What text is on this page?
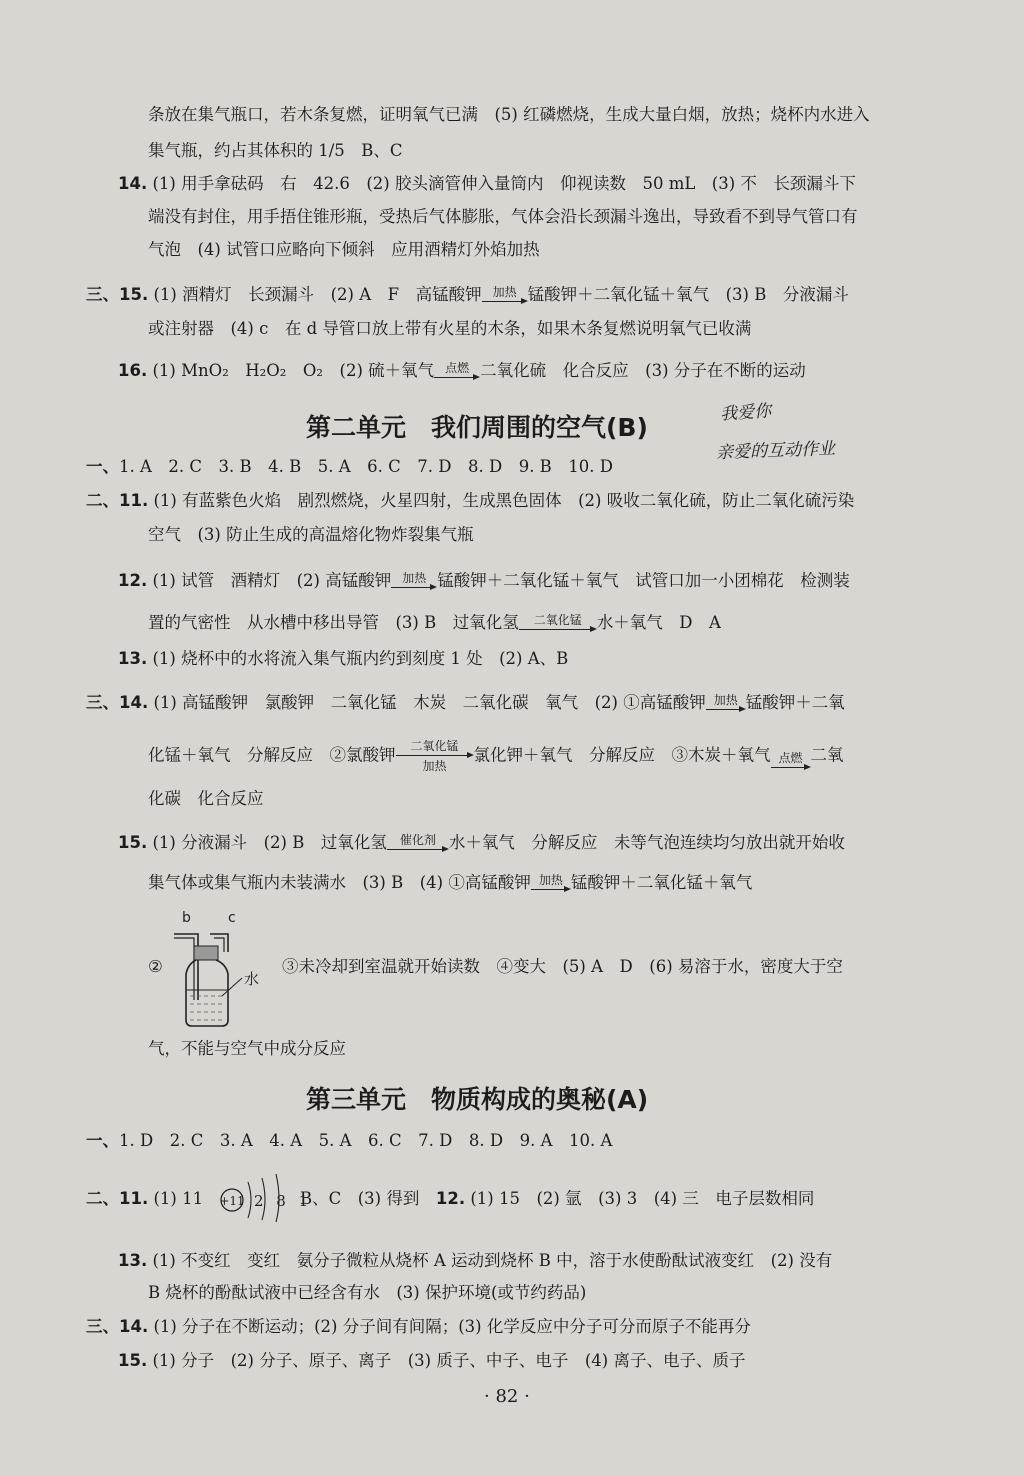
条放在集气瓶口，若木条复燃，证明氧气已满　(5) 红磷燃烧，生成大量白烟，放热；烧杯内水进入
集气瓶，约占其体积的 1/5　B、C
14. (1) 用手拿砝码　右　42.6　(2) 胶头滴管伸入量筒内　仰视读数　50 mL　(3) 不　长颈漏斗下
端没有封住，用手捂住锥形瓶，受热后气体膨胀，气体会沿长颈漏斗逸出，导致看不到导气管口有
气泡　(4) 试管口应略向下倾斜　应用酒精灯外焰加热
三、15. (1) 酒精灯　长颈漏斗　(2) A　F　高锰酸钾 加热 锰酸钾＋二氧化锰＋氧气　(3) B　分液漏斗
或注射器　(4) c　在 d 导管口放上带有火星的木条，如果木条复燃说明氧气已收满
16. (1) MnO₂　H₂O₂　O₂　(2) 硫＋氧气 点燃 二氧化硫　化合反应　(3) 分子在不断的运动
第二单元　我们周围的空气(B)
我爱你
亲爱的互动作业
一、1. A　2. C　3. B　4. B　5. A　6. C　7. D　8. D　9. B　10. D
二、11. (1) 有蓝紫色火焰　剧烈燃烧，火星四射，生成黑色固体　(2) 吸收二氧化硫，防止二氧化硫污染
空气　(3) 防止生成的高温熔化物炸裂集气瓶
12. (1) 试管　酒精灯　(2) 高锰酸钾 加热 锰酸钾＋二氧化锰＋氧气　试管口加一小团棉花　检测装
置的气密性　从水槽中移出导管　(3) B　过氧化氢	二氧化锰 水＋氧气　D　A
13. (1) 烧杯中的水将流入集气瓶内约到刻度 1 处　(2) A、B
三、14. (1) 高锰酸钾　氯酸钾　二氧化锰　木炭　二氧化碳　氧气　(2) ①高锰酸钾 加热 锰酸钾＋二氧
化锰＋氧气　分解反应　②氯酸钾	二氧化锰
加热
氯化钾＋氧气　分解反应　③木炭＋氧气 点燃 二氧
化碳　化合反应
15. (1) 分液漏斗　(2) B　过氧化氢	催化剂 水＋氧气　分解反应　未等气泡连续均匀放出就开始收
集气体或集气瓶内未装满水　(3) B　(4) ①高锰酸钾 加热 锰酸钾＋二氧化锰＋氧气
②
b	c
水
③未冷却到室温就开始读数　④变大　(5) A　D　(6) 易溶于水，密度大于空
气，不能与空气中成分反应
第三单元　物质构成的奥秘(A)
一、1. D　2. C　3. A　4. A　5. A　6. C　7. D　8. D　9. A　10. A
二、11. (1) 11 +11 2 8 1
B、C　(3) 得到　 12. (1) 15　(2) 氩　(3) 3　(4) 三　电子层数相同
13. (1) 不变红　变红　氨分子微粒从烧杯 A 运动到烧杯 B 中，溶于水使酚酞试液变红　(2) 没有
B 烧杯的酚酞试液中已经含有水　(3) 保护环境(或节约药品)
三、14. (1) 分子在不断运动；(2) 分子间有间隔；(3) 化学反应中分子可分而原子不能再分
15. (1) 分子　(2) 分子、原子、离子　(3) 质子、中子、电子　(4) 离子、电子、质子
· 82 ·
